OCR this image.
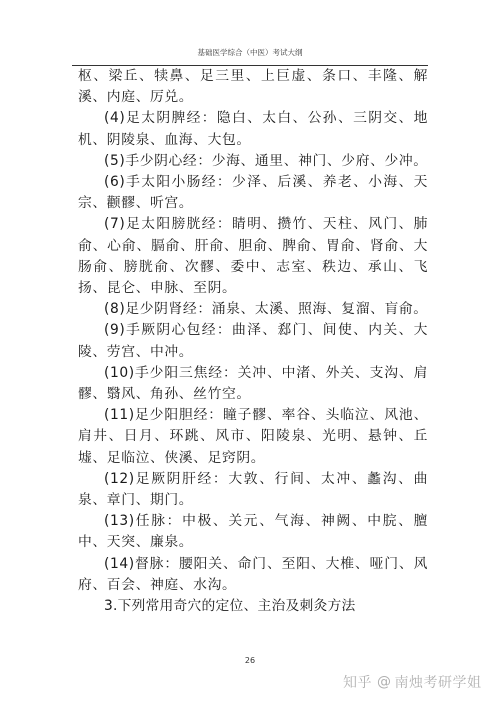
基础医学综合（中医）考试大纲

枢、梁丘、犊鼻、足三里、上巨虚、条口、丰隆、解溪、内庭、厉兑。

(4)足太阴脾经：隐白、太白、公孙、三阴交、地机、阴陵泉、血海、大包。

(5)手少阴心经：少海、通里、神门、少府、少冲。

(6)手太阳小肠经：少泽、后溪、养老、小海、天宗、颧髎、听宫。

(7)足太阳膀胱经：睛明、攒竹、天柱、风门、肺俞、心俞、膈俞、肝俞、胆俞、脾俞、胃俞、肾俞、大肠俞、膀胱俞、次髎、委中、志室、秩边、承山、飞扬、昆仑、申脉、至阴。

(8)足少阴肾经：涌泉、太溪、照海、复溜、肓俞。

(9)手厥阴心包经：曲泽、郄门、间使、内关、大陵、劳宫、中冲。

(10)手少阳三焦经：关冲、中渚、外关、支沟、肩髎、翳风、角孙、丝竹空。

(11)足少阳胆经：瞳子髎、率谷、头临泣、风池、肩井、日月、环跳、风市、阳陵泉、光明、悬钟、丘墟、足临泣、侠溪、足窍阴。

(12)足厥阴肝经：大敦、行间、太冲、蠡沟、曲泉、章门、期门。

(13)任脉：中极、关元、气海、神阙、中脘、膻中、天突、廉泉。

(14)督脉：腰阳关、命门、至阳、大椎、哑门、风府、百会、神庭、水沟。

3.下列常用奇穴的定位、主治及刺灸方法

26
知乎 @ 南烛考研学姐
